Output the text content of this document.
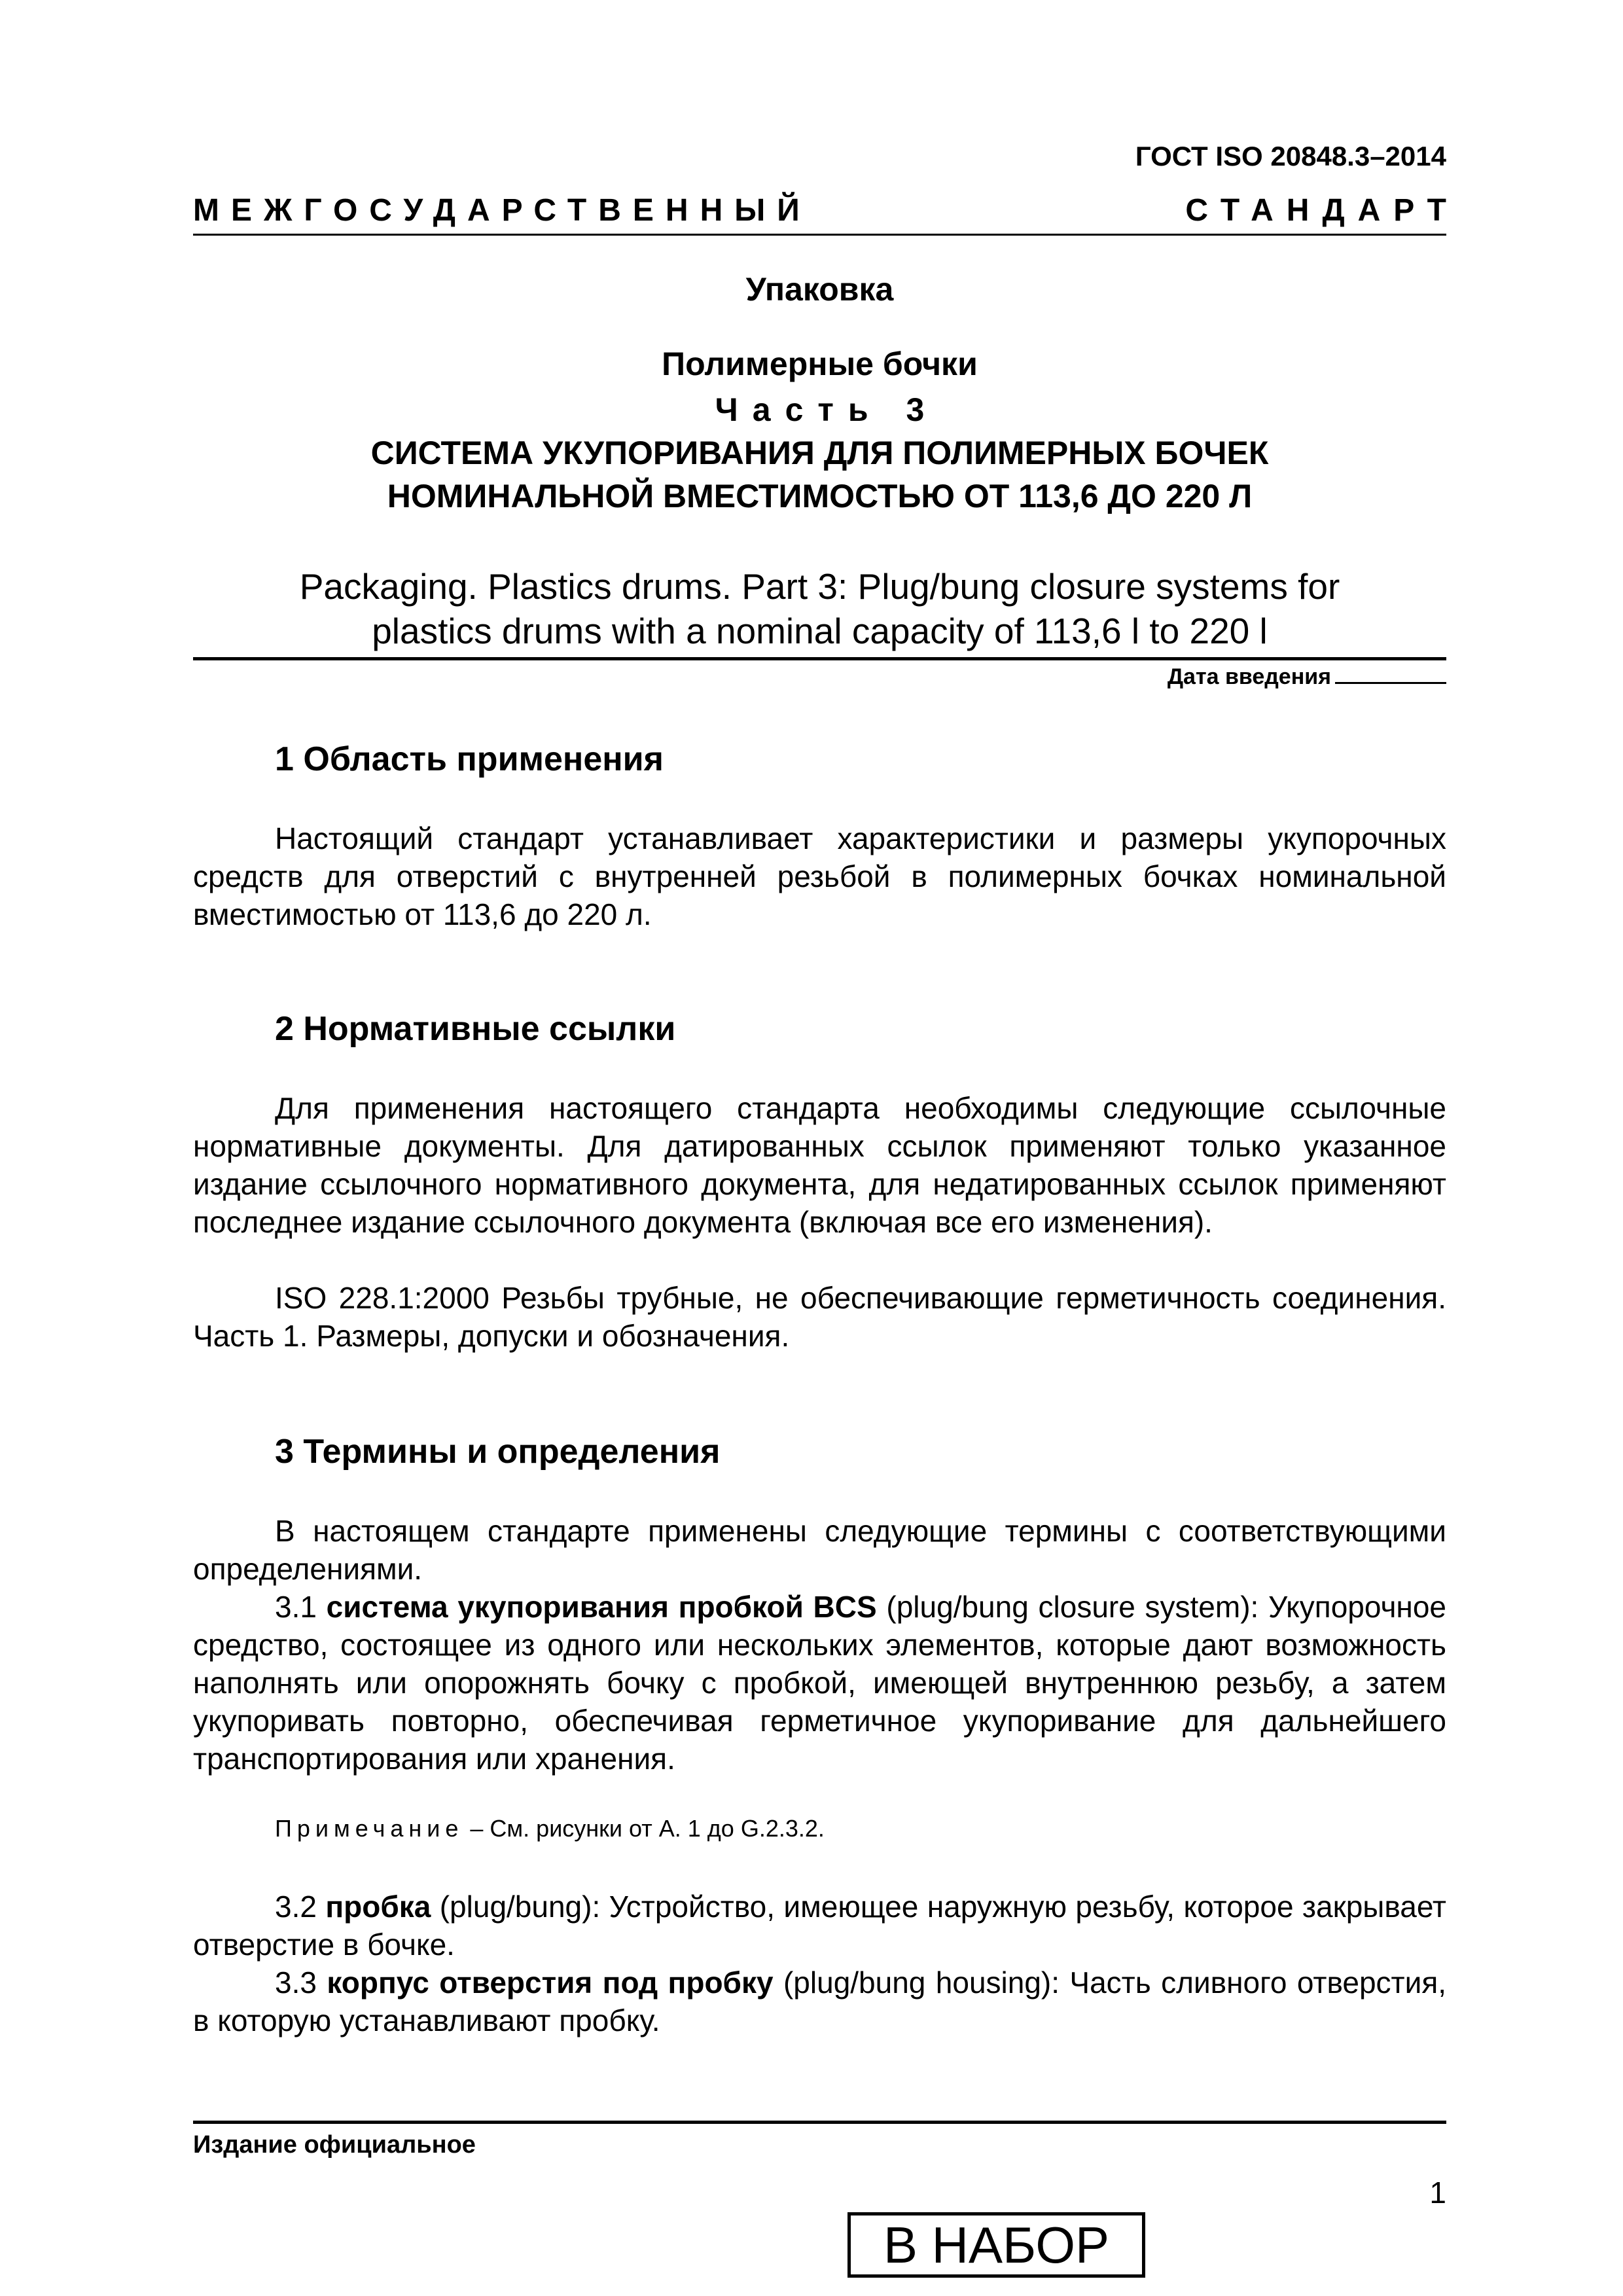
ГОСТ ISO 20848.3–2014
МЕЖГОСУДАРСТВЕННЫЙ	СТАНДАРТ
Упаковка
Полимерные бочки
Часть 3
СИСТЕМА УКУПОРИВАНИЯ ДЛЯ ПОЛИМЕРНЫХ БОЧЕК
НОМИНАЛЬНОЙ ВМЕСТИМОСТЬЮ ОТ 113,6 ДО 220 Л
Packaging. Plastics drums. Part 3: Plug/bung closure systems for
plastics drums with a nominal capacity of 113,6 l to 220 l
Дата введения
1 Область применения
Настоящий стандарт устанавливает характеристики и размеры укупорочных средств для отверстий с внутренней резьбой в полимерных бочках номинальной вместимостью от 113,6 до 220 л.
2 Нормативные ссылки
Для применения настоящего стандарта необходимы следующие ссылочные нормативные документы. Для датированных ссылок применяют только указанное издание ссылочного нормативного документа, для недатированных ссылок применяют последнее издание ссылочного документа (включая все его изменения).
ISO 228.1:2000 Резьбы трубные, не обеспечивающие герметичность соединения. Часть 1. Размеры, допуски и обозначения.
3 Термины и определения
В настоящем стандарте применены следующие термины с соответствующими определениями.
3.1 система укупоривания пробкой BCS (plug/bung closure system): Укупорочное средство, состоящее из одного или нескольких элементов, которые дают возможность наполнять или опорожнять бочку с пробкой, имеющей внутреннюю резьбу, а затем укупоривать повторно, обеспечивая герметичное укупоривание для дальнейшего транспортирования или хранения.
Примечание – См. рисунки от А. 1 до G.2.3.2.
3.2 пробка (plug/bung): Устройство, имеющее наружную резьбу, которое закрывает отверстие в бочке.
3.3 корпус отверстия под пробку (plug/bung housing): Часть сливного отверстия, в которую устанавливают пробку.
Издание официальное
1
В НАБОР
